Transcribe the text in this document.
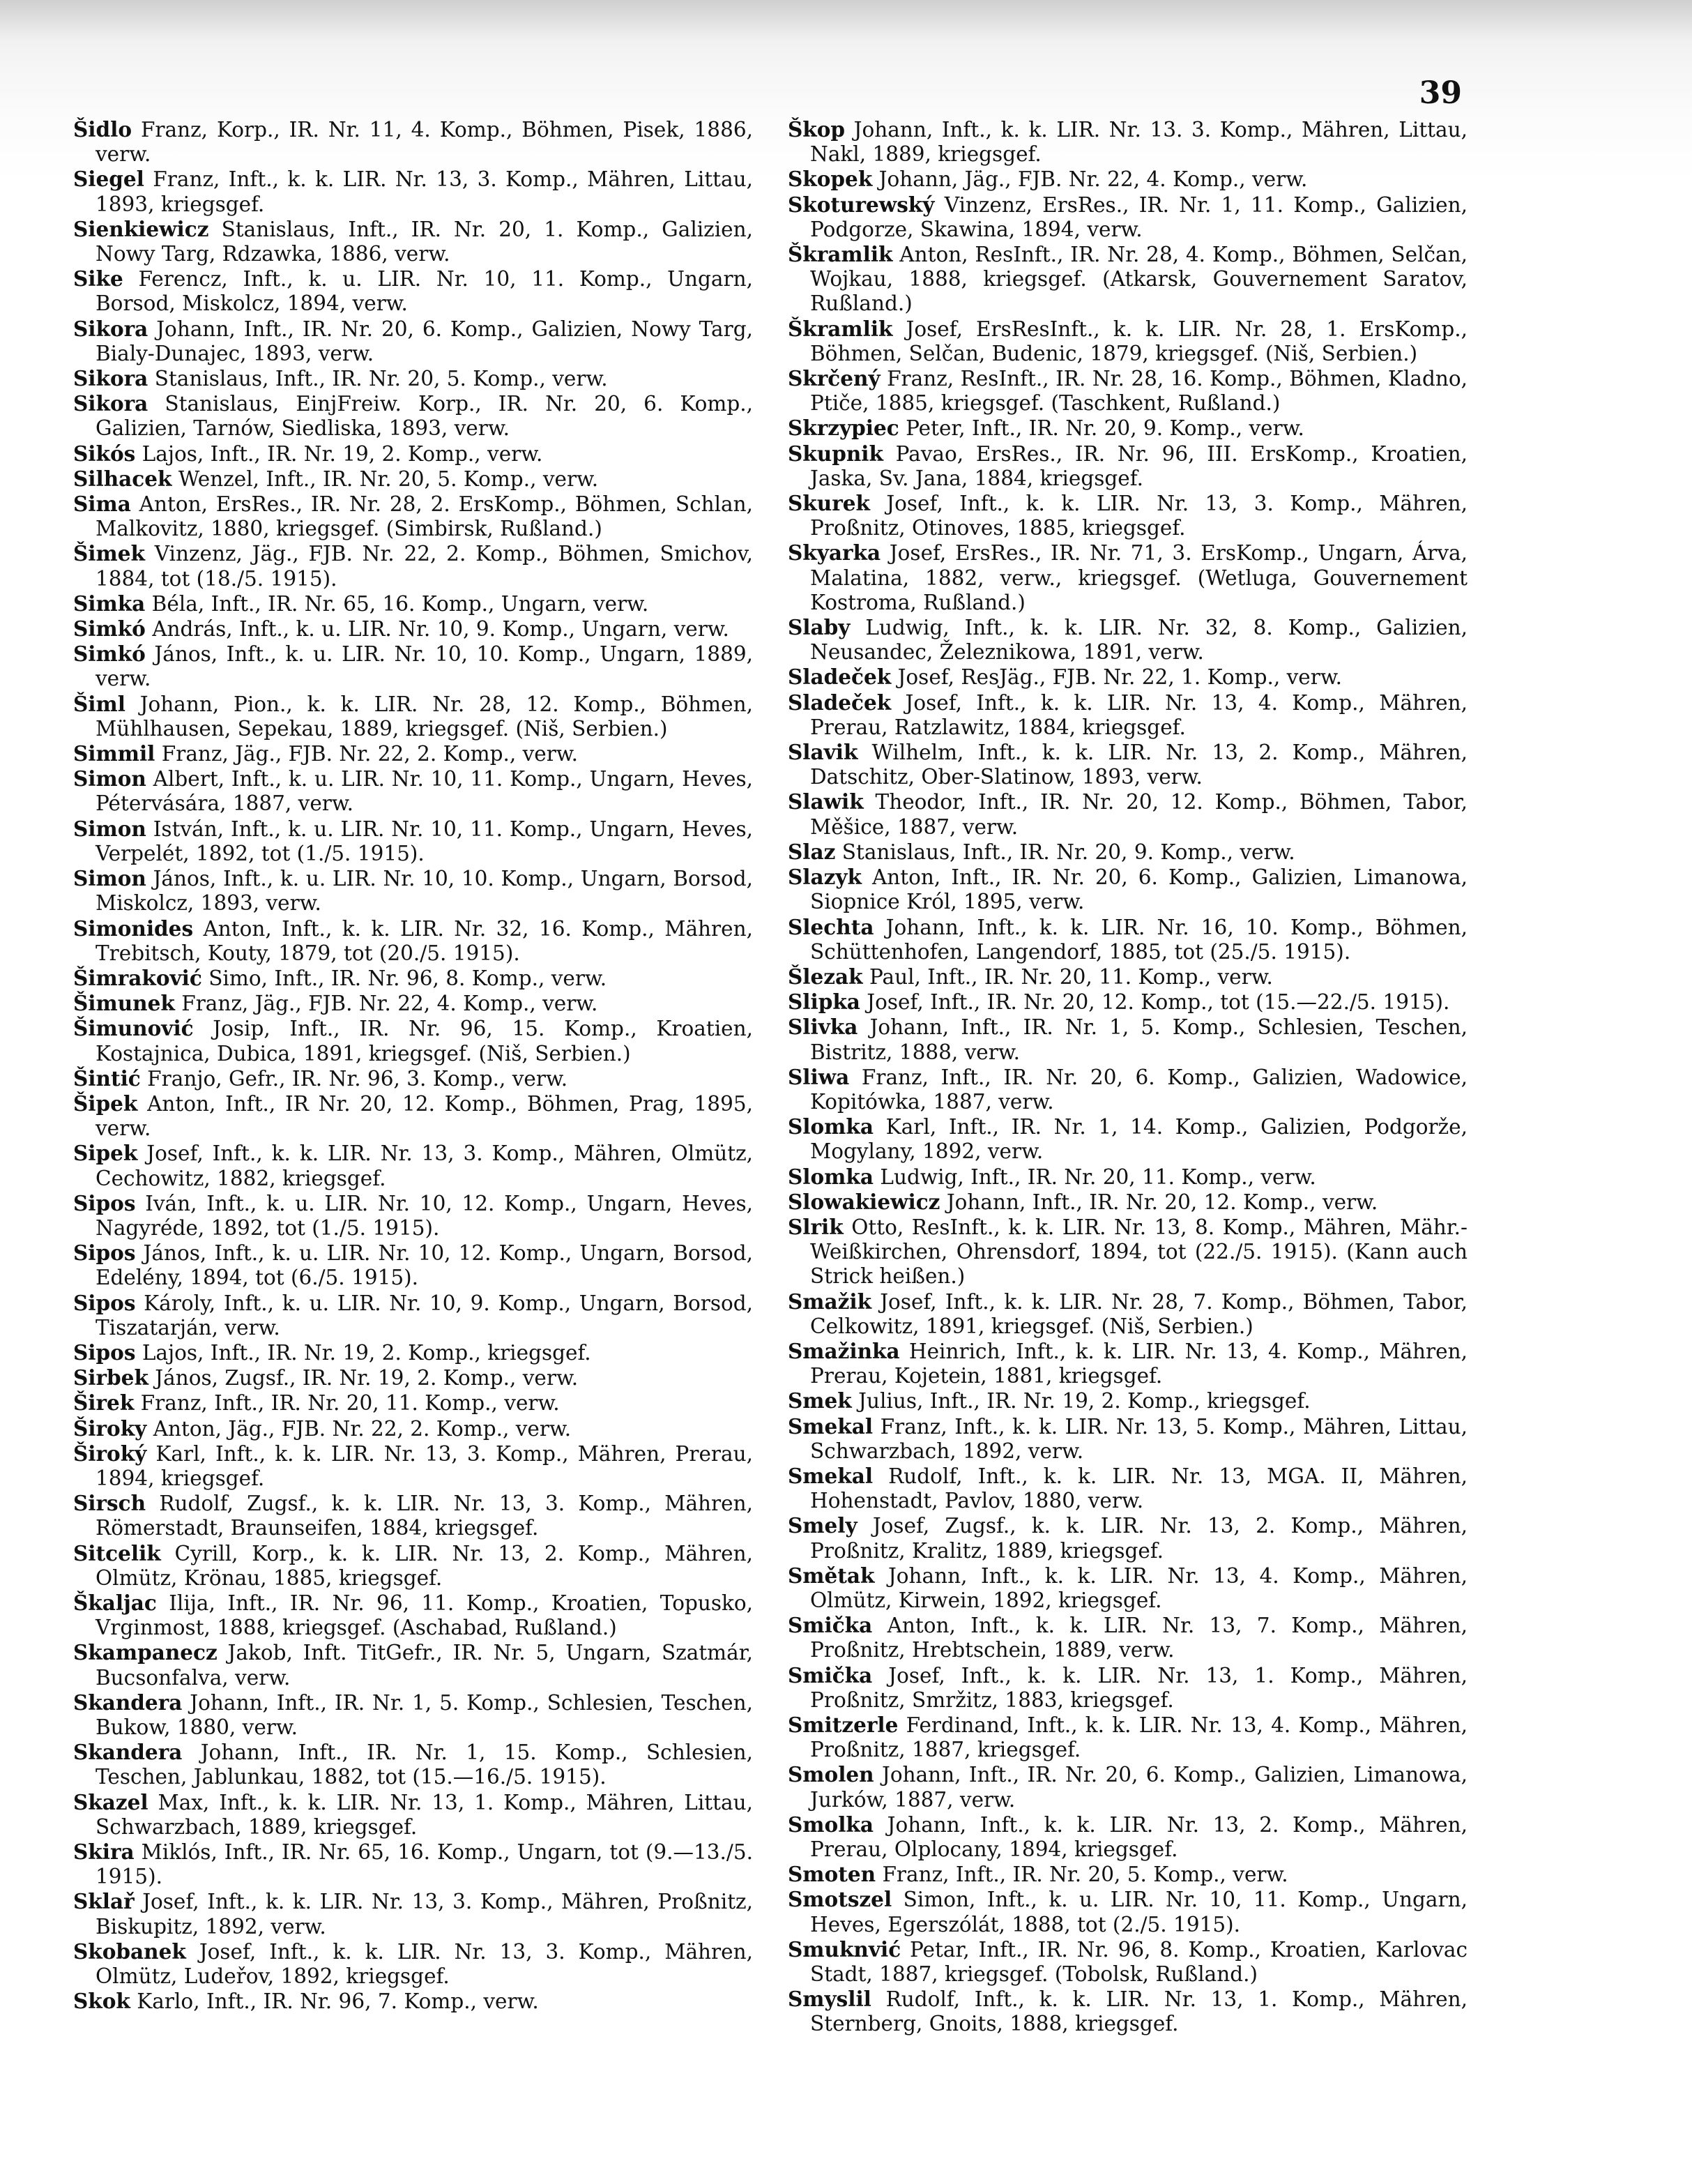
39

Šidlo Franz, Korp., IR. Nr. 11, 4. Komp., Böhmen, Pisek, 1886, verw.

Siegel Franz, Inft., k. k. LIR. Nr. 13, 3. Komp., Mähren, Littau, 1893, kriegsgef.

Sienkiewicz Stanislaus, Inft., IR. Nr. 20, 1. Komp., Galizien, Nowy Targ, Rdzawka, 1886, verw.

Sike Ferencz, Inft., k. u. LIR. Nr. 10, 11. Komp., Ungarn, Borsod, Miskolcz, 1894, verw.

Sikora Johann, Inft., IR. Nr. 20, 6. Komp., Galizien, Nowy Targ, Bialy-Dunajec, 1893, verw.

Sikora Stanislaus, Inft., IR. Nr. 20, 5. Komp., verw.

Sikora Stanislaus, EinjFreiw. Korp., IR. Nr. 20, 6. Komp., Galizien, Tarnów, Siedliska, 1893, verw.

Sikós Lajos, Inft., IR. Nr. 19, 2. Komp., verw.

Silhacek Wenzel, Inft., IR. Nr. 20, 5. Komp., verw.

Sima Anton, ErsRes., IR. Nr. 28, 2. ErsKomp., Böhmen, Schlan, Malkovitz, 1880, kriegsgef. (Simbirsk, Rußland.)

Šimek Vinzenz, Jäg., FJB. Nr. 22, 2. Komp., Böhmen, Smichov, 1884, tot (18./5. 1915).

Simka Béla, Inft., IR. Nr. 65, 16. Komp., Ungarn, verw.

Simkó András, Inft., k. u. LIR. Nr. 10, 9. Komp., Ungarn, verw.

Simkó János, Inft., k. u. LIR. Nr. 10, 10. Komp., Ungarn, 1889, verw.

Šiml Johann, Pion., k. k. LIR. Nr. 28, 12. Komp., Böhmen, Mühlhausen, Sepekau, 1889, kriegsgef. (Niš, Serbien.)

Simmil Franz, Jäg., FJB. Nr. 22, 2. Komp., verw.

Simon Albert, Inft., k. u. LIR. Nr. 10, 11. Komp., Ungarn, Heves, Pétervására, 1887, verw.

Simon István, Inft., k. u. LIR. Nr. 10, 11. Komp., Ungarn, Heves, Verpelét, 1892, tot (1./5. 1915).

Simon János, Inft., k. u. LIR. Nr. 10, 10. Komp., Ungarn, Borsod, Miskolcz, 1893, verw.

Simonides Anton, Inft., k. k. LIR. Nr. 32, 16. Komp., Mähren, Trebitsch, Kouty, 1879, tot (20./5. 1915).

Šimraković Simo, Inft., IR. Nr. 96, 8. Komp., verw.

Šimunek Franz, Jäg., FJB. Nr. 22, 4. Komp., verw.

Šimunović Josip, Inft., IR. Nr. 96, 15. Komp., Kroatien, Kostajnica, Dubica, 1891, kriegsgef. (Niš, Serbien.)

Šintić Franjo, Gefr., IR. Nr. 96, 3. Komp., verw.

Šipek Anton, Inft., IR Nr. 20, 12. Komp., Böhmen, Prag, 1895, verw.

Sipek Josef, Inft., k. k. LIR. Nr. 13, 3. Komp., Mähren, Olmütz, Cechowitz, 1882, kriegsgef.

Sipos Iván, Inft., k. u. LIR. Nr. 10, 12. Komp., Ungarn, Heves, Nagyréde, 1892, tot (1./5. 1915).

Sipos János, Inft., k. u. LIR. Nr. 10, 12. Komp., Ungarn, Borsod, Edelény, 1894, tot (6./5. 1915).

Sipos Károly, Inft., k. u. LIR. Nr. 10, 9. Komp., Ungarn, Borsod, Tiszatarján, verw.

Sipos Lajos, Inft., IR. Nr. 19, 2. Komp., kriegsgef.

Sirbek János, Zugsf., IR. Nr. 19, 2. Komp., verw.

Širek Franz, Inft., IR. Nr. 20, 11. Komp., verw.

Široky Anton, Jäg., FJB. Nr. 22, 2. Komp., verw.

Široký Karl, Inft., k. k. LIR. Nr. 13, 3. Komp., Mähren, Prerau, 1894, kriegsgef.

Sirsch Rudolf, Zugsf., k. k. LIR. Nr. 13, 3. Komp., Mähren, Römerstadt, Braunseifen, 1884, kriegsgef.

Sitcelik Cyrill, Korp., k. k. LIR. Nr. 13, 2. Komp., Mähren, Olmütz, Krönau, 1885, kriegsgef.

Škaljac Ilija, Inft., IR. Nr. 96, 11. Komp., Kroatien, Topusko, Vrginmost, 1888, kriegsgef. (Aschabad, Rußland.)

Skampanecz Jakob, Inft. TitGefr., IR. Nr. 5, Ungarn, Szatmár, Bucsonfalva, verw.

Skandera Johann, Inft., IR. Nr. 1, 5. Komp., Schlesien, Teschen, Bukow, 1880, verw.

Skandera Johann, Inft., IR. Nr. 1, 15. Komp., Schlesien, Teschen, Jablunkau, 1882, tot (15.—16./5. 1915).

Skazel Max, Inft., k. k. LIR. Nr. 13, 1. Komp., Mähren, Littau, Schwarzbach, 1889, kriegsgef.

Skira Miklós, Inft., IR. Nr. 65, 16. Komp., Ungarn, tot (9.—13./5. 1915).

Sklař Josef, Inft., k. k. LIR. Nr. 13, 3. Komp., Mähren, Proßnitz, Biskupitz, 1892, verw.

Skobanek Josef, Inft., k. k. LIR. Nr. 13, 3. Komp., Mähren, Olmütz, Ludeřov, 1892, kriegsgef.

Skok Karlo, Inft., IR. Nr. 96, 7. Komp., verw.

Škop Johann, Inft., k. k. LIR. Nr. 13. 3. Komp., Mähren, Littau, Nakl, 1889, kriegsgef.

Skopek Johann, Jäg., FJB. Nr. 22, 4. Komp., verw.

Skoturewský Vinzenz, ErsRes., IR. Nr. 1, 11. Komp., Galizien, Podgorze, Skawina, 1894, verw.

Škramlik Anton, ResInft., IR. Nr. 28, 4. Komp., Böhmen, Selčan, Wojkau, 1888, kriegsgef. (Atkarsk, Gouvernement Saratov, Rußland.)

Škramlik Josef, ErsResInft., k. k. LIR. Nr. 28, 1. ErsKomp., Böhmen, Selčan, Budenic, 1879, kriegsgef. (Niš, Serbien.)

Skrčený Franz, ResInft., IR. Nr. 28, 16. Komp., Böhmen, Kladno, Ptiče, 1885, kriegsgef. (Taschkent, Rußland.)

Skrzypiec Peter, Inft., IR. Nr. 20, 9. Komp., verw.

Skupnik Pavao, ErsRes., IR. Nr. 96, III. ErsKomp., Kroatien, Jaska, Sv. Jana, 1884, kriegsgef.

Skurek Josef, Inft., k. k. LIR. Nr. 13, 3. Komp., Mähren, Proßnitz, Otinoves, 1885, kriegsgef.

Skyarka Josef, ErsRes., IR. Nr. 71, 3. ErsKomp., Ungarn, Árva, Malatina, 1882, verw., kriegsgef. (Wetluga, Gouvernement Kostroma, Rußland.)

Slaby Ludwig, Inft., k. k. LIR. Nr. 32, 8. Komp., Galizien, Neusandec, Železnikowa, 1891, verw.

Sladeček Josef, ResJäg., FJB. Nr. 22, 1. Komp., verw.

Sladeček Josef, Inft., k. k. LIR. Nr. 13, 4. Komp., Mähren, Prerau, Ratzlawitz, 1884, kriegsgef.

Slavik Wilhelm, Inft., k. k. LIR. Nr. 13, 2. Komp., Mähren, Datschitz, Ober-Slatinow, 1893, verw.

Slawik Theodor, Inft., IR. Nr. 20, 12. Komp., Böhmen, Tabor, Měšice, 1887, verw.

Slaz Stanislaus, Inft., IR. Nr. 20, 9. Komp., verw.

Slazyk Anton, Inft., IR. Nr. 20, 6. Komp., Galizien, Limanowa, Siopnice Król, 1895, verw.

Slechta Johann, Inft., k. k. LIR. Nr. 16, 10. Komp., Böhmen, Schüttenhofen, Langendorf, 1885, tot (25./5. 1915).

Šlezak Paul, Inft., IR. Nr. 20, 11. Komp., verw.

Slipka Josef, Inft., IR. Nr. 20, 12. Komp., tot (15.—22./5. 1915).

Slivka Johann, Inft., IR. Nr. 1, 5. Komp., Schlesien, Teschen, Bistritz, 1888, verw.

Sliwa Franz, Inft., IR. Nr. 20, 6. Komp., Galizien, Wadowice, Kopitówka, 1887, verw.

Slomka Karl, Inft., IR. Nr. 1, 14. Komp., Galizien, Podgorže, Mogylany, 1892, verw.

Slomka Ludwig, Inft., IR. Nr. 20, 11. Komp., verw.

Slowakiewicz Johann, Inft., IR. Nr. 20, 12. Komp., verw.

Slrik Otto, ResInft., k. k. LIR. Nr. 13, 8. Komp., Mähren, Mähr.-Weißkirchen, Ohrensdorf, 1894, tot (22./5. 1915). (Kann auch Strick heißen.)

Smažik Josef, Inft., k. k. LIR. Nr. 28, 7. Komp., Böhmen, Tabor, Celkowitz, 1891, kriegsgef. (Niš, Serbien.)

Smažinka Heinrich, Inft., k. k. LIR. Nr. 13, 4. Komp., Mähren, Prerau, Kojetein, 1881, kriegsgef.

Smek Julius, Inft., IR. Nr. 19, 2. Komp., kriegsgef.

Smekal Franz, Inft., k. k. LIR. Nr. 13, 5. Komp., Mähren, Littau, Schwarzbach, 1892, verw.

Smekal Rudolf, Inft., k. k. LIR. Nr. 13, MGA. II, Mähren, Hohenstadt, Pavlov, 1880, verw.

Smely Josef, Zugsf., k. k. LIR. Nr. 13, 2. Komp., Mähren, Proßnitz, Kralitz, 1889, kriegsgef.

Smětak Johann, Inft., k. k. LIR. Nr. 13, 4. Komp., Mähren, Olmütz, Kirwein, 1892, kriegsgef.

Smička Anton, Inft., k. k. LIR. Nr. 13, 7. Komp., Mähren, Proßnitz, Hrebtschein, 1889, verw.

Smička Josef, Inft., k. k. LIR. Nr. 13, 1. Komp., Mähren, Proßnitz, Smržitz, 1883, kriegsgef.

Smitzerle Ferdinand, Inft., k. k. LIR. Nr. 13, 4. Komp., Mähren, Proßnitz, 1887, kriegsgef.

Smolen Johann, Inft., IR. Nr. 20, 6. Komp., Galizien, Limanowa, Jurków, 1887, verw.

Smolka Johann, Inft., k. k. LIR. Nr. 13, 2. Komp., Mähren, Prerau, Olplocany, 1894, kriegsgef.

Smoten Franz, Inft., IR. Nr. 20, 5. Komp., verw.

Smotszel Simon, Inft., k. u. LIR. Nr. 10, 11. Komp., Ungarn, Heves, Egerszólát, 1888, tot (2./5. 1915).

Smuknvić Petar, Inft., IR. Nr. 96, 8. Komp., Kroatien, Karlovac Stadt, 1887, kriegsgef. (Tobolsk, Rußland.)

Smyslil Rudolf, Inft., k. k. LIR. Nr. 13, 1. Komp., Mähren, Sternberg, Gnoits, 1888, kriegsgef.
